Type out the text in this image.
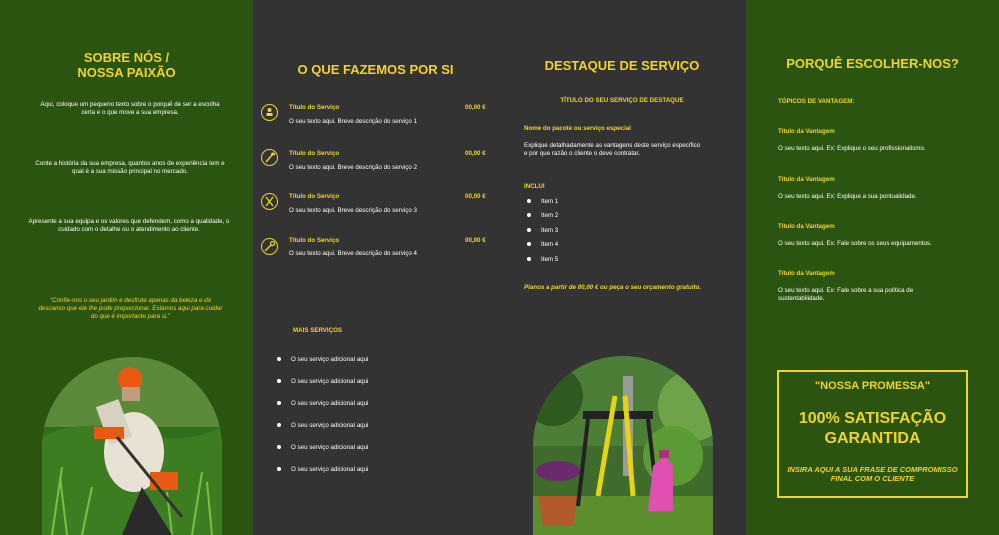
SOBRE NÓS /
NOSSA PAIXÃO
Aqui, coloque um pequeno texto sobre o porquê de ser a escolha certa e o que move a sua empresa.
Conte a história da sua empresa, quantos anos de experiência tem e qual é a sua missão principal no mercado.
Apresente a sua equipa e os valores que defendem, como a qualidade, o cuidado com o detalhe ou o atendimento ao cliente.
"Confie-nos o seu jardim e desfrute apenas da beleza e do descanso que ele lhe pode proporcionar. Estamos aqui para cuidar do que é importante para si."
O QUE FAZEMOS POR SI
Título do Serviço	00,00 €
O seu texto aqui. Breve descrição do serviço 1
Título do Serviço	00,00 €
O seu texto aqui. Breve descrição do serviço 2
Título do Serviço	00,00 €
O seu texto aqui. Breve descrição do serviço 3
Título do Serviço	00,00 €
O seu texto aqui. Breve descrição do serviço 4
MAIS SERVIÇOS
O seu serviço adicional aqui
O seu serviço adicional aqui
O seu serviço adicional aqui
O seu serviço adicional aqui
O seu serviço adicional aqui
O seu serviço adicional aqui
DESTAQUE DE SERVIÇO
TÍTULO DO SEU SERVIÇO DE DESTAQUE
Nome do pacote ou serviço especial
Explique detalhadamente as vantagens deste serviço específico e por que razão o cliente o deve contratar.
INCLUI
Item 1
Item 2
Item 3
Item 4
Item 5
Planos a partir de 00,00 € ou peça o seu orçamento gratuito.
PORQUÊ ESCOLHER-NOS?
TÓPICOS DE VANTAGEM:
Título da Vantagem
O seu texto aqui. Ex: Explique o seu profissionalismo.
Título da Vantagem
O seu texto aqui. Ex: Explique a sua pontualidade.
Título da Vantagem
O seu texto aqui. Ex: Fale sobre os seus equipamentos.
Título da Vantagem
O seu texto aqui. Ex: Fale sobre a sua política de sustentabilidade.
"NOSSA PROMESSA"
100% SATISFAÇÃO
GARANTIDA
INSIRA AQUI A SUA FRASE DE COMPROMISSO FINAL COM O CLIENTE
